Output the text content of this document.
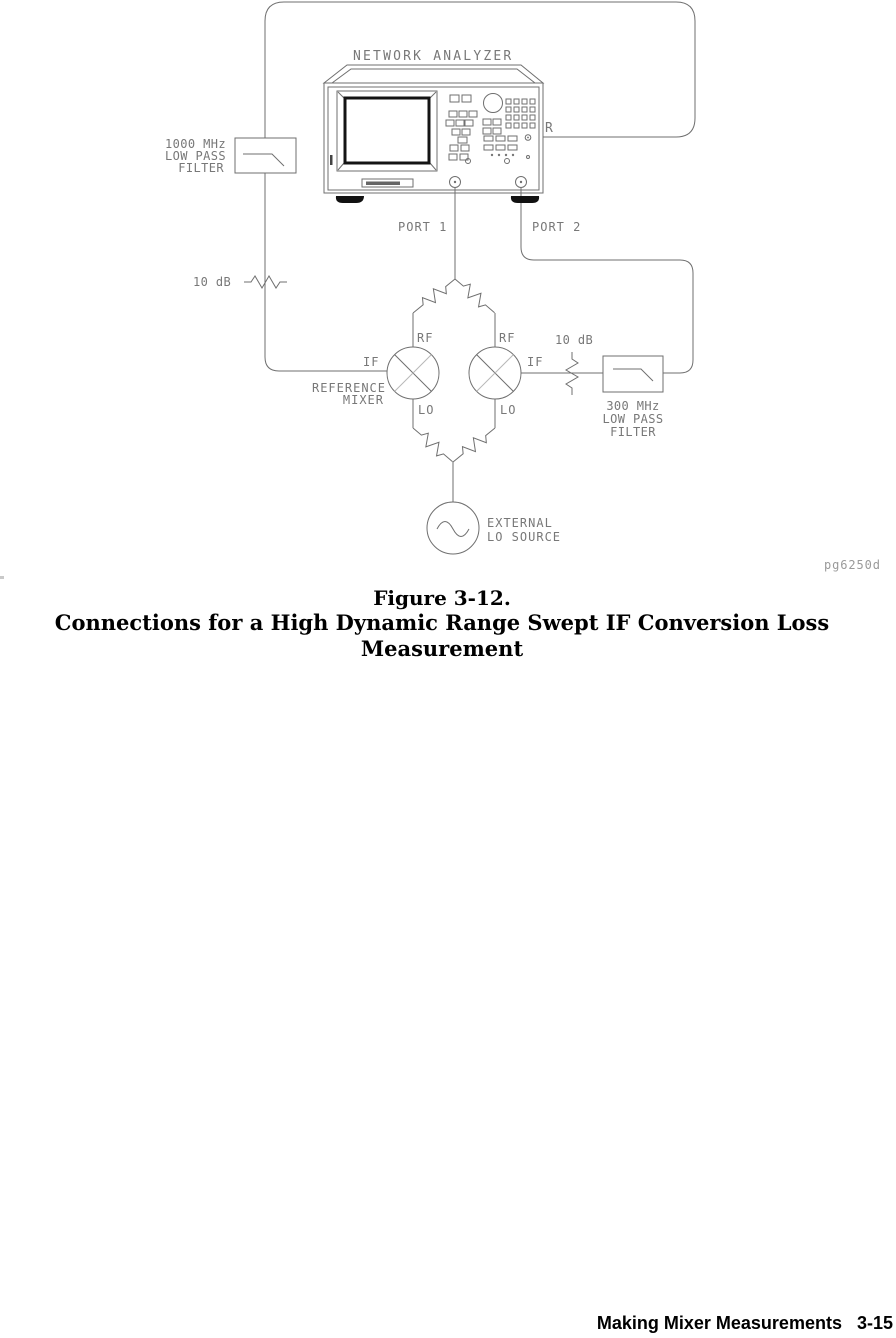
NETWORK ANALYZER
R
PORT 1	PORT 2
1000 MHz
LOW PASS
FILTER
10 dB
REFERENCE
MIXER
IF
RF
LO
RF
IF
LO
10 dB
300 MHz
LOW PASS
FILTER
EXTERNAL
LO SOURCE
pg6250d
Figure 3-12.
Connections for a High Dynamic Range Swept IF Conversion Loss Measurement
Making Mixer Measurements 3-15
